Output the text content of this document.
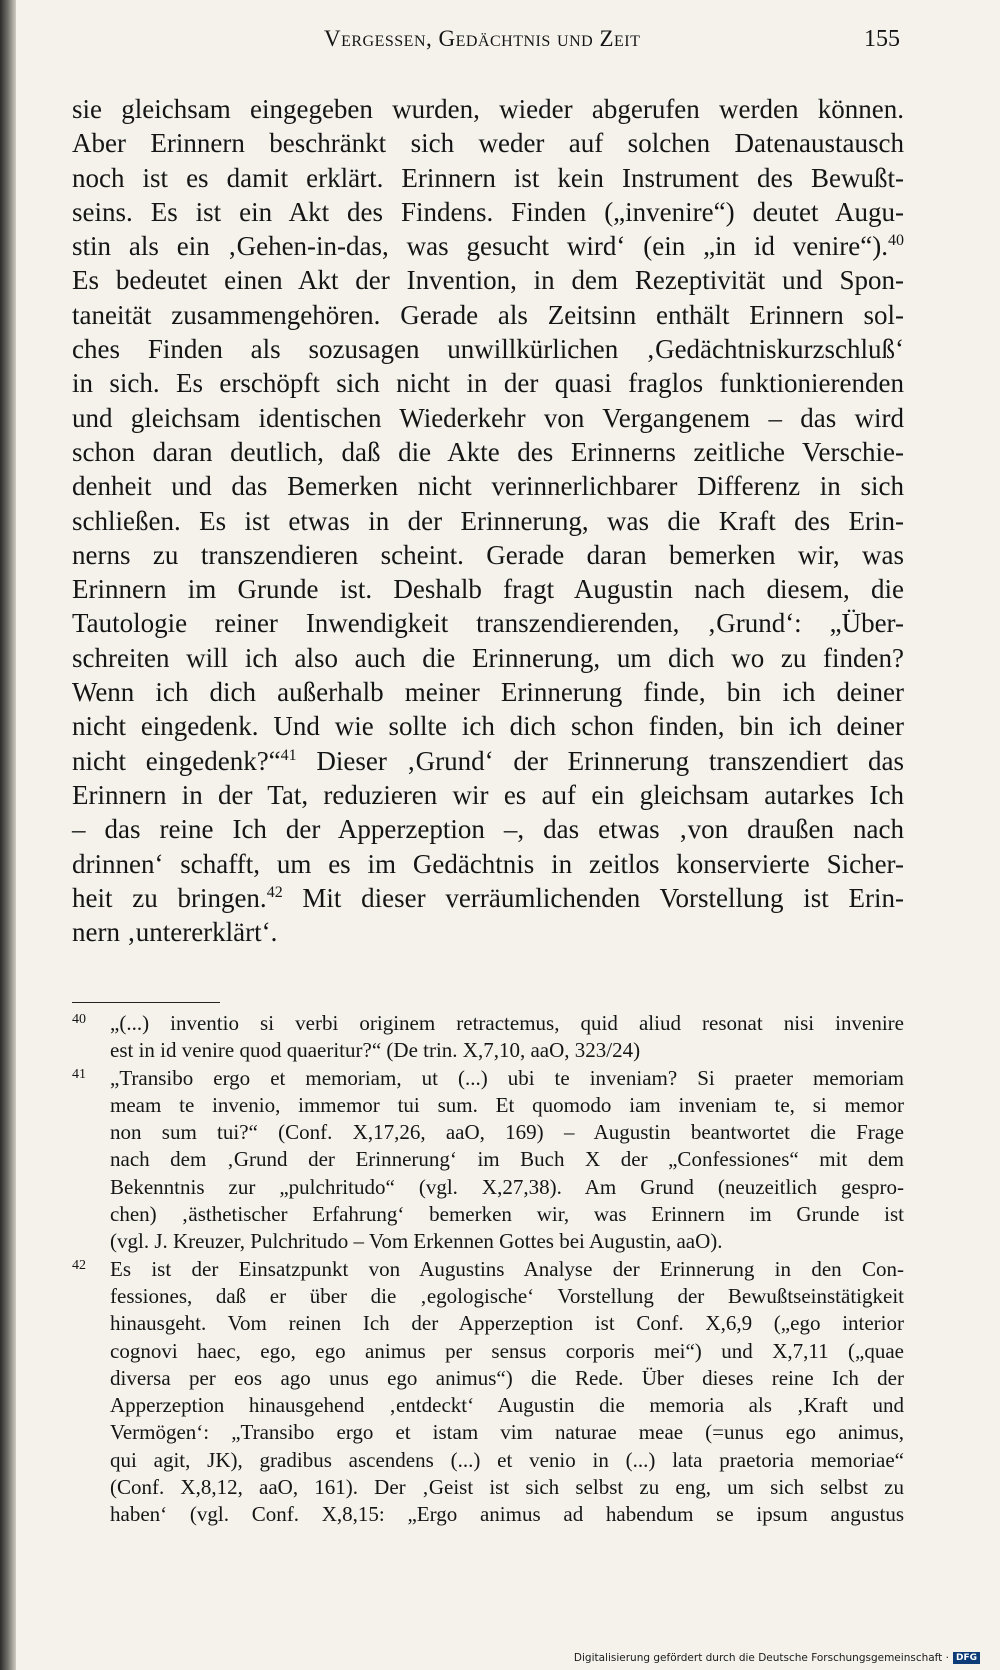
Vergessen, Gedächtnis und Zeit	155
sie gleichsam eingegeben wurden, wieder abgerufen werden können.
Aber Erinnern beschränkt sich weder auf solchen Datenaustausch
noch ist es damit erklärt. Erinnern ist kein Instrument des Bewußt-
seins. Es ist ein Akt des Findens. Finden („invenire“) deutet Augu-
stin als ein ‚Gehen-in-das, was gesucht wird‘ (ein „in id venire“).$^{40}$
Es bedeutet einen Akt der Invention, in dem Rezeptivität und Spon-
taneität zusammengehören. Gerade als Zeitsinn enthält Erinnern sol-
ches Finden als sozusagen unwillkürlichen ‚Gedächtniskurzschluß‘
in sich. Es erschöpft sich nicht in der quasi fraglos funktionierenden
und gleichsam identischen Wiederkehr von Vergangenem – das wird
schon daran deutlich, daß die Akte des Erinnerns zeitliche Verschie-
denheit und das Bemerken nicht verinnerlichbarer Differenz in sich
schließen. Es ist etwas in der Erinnerung, was die Kraft des Erin-
nerns zu transzendieren scheint. Gerade daran bemerken wir, was
Erinnern im Grunde ist. Deshalb fragt Augustin nach diesem, die
Tautologie reiner Inwendigkeit transzendierenden, ‚Grund‘: „Über-
schreiten will ich also auch die Erinnerung, um dich wo zu finden?
Wenn ich dich außerhalb meiner Erinnerung finde, bin ich deiner
nicht eingedenk. Und wie sollte ich dich schon finden, bin ich deiner
nicht eingedenk?“$^{41}$ Dieser ‚Grund‘ der Erinnerung transzendiert das
Erinnern in der Tat, reduzieren wir es auf ein gleichsam autarkes Ich
– das reine Ich der Apperzeption –, das etwas ‚von draußen nach
drinnen‘ schafft, um es im Gedächtnis in zeitlos konservierte Sicher-
heit zu bringen.$^{42}$ Mit dieser verräumlichenden Vorstellung ist Erin-
nern ‚untererklärt‘.
40 „(...) inventio si verbi originem retractemus, quid aliud resonat nisi invenire
est in id venire quod quaeritur?“ (De trin. X,7,10, aaO, 323/24)
41 „Transibo ergo et memoriam, ut (...) ubi te inveniam? Si praeter memoriam
meam te invenio, immemor tui sum. Et quomodo iam inveniam te, si memor
non sum tui?“ (Conf. X,17,26, aaO, 169) – Augustin beantwortet die Frage
nach dem ‚Grund der Erinnerung‘ im Buch X der „Confessiones“ mit dem
Bekenntnis zur „pulchritudo“ (vgl. X,27,38). Am Grund (neuzeitlich gespro-
chen) ‚ästhetischer Erfahrung‘ bemerken wir, was Erinnern im Grunde ist
(vgl. J. Kreuzer, Pulchritudo – Vom Erkennen Gottes bei Augustin, aaO).
42 Es ist der Einsatzpunkt von Augustins Analyse der Erinnerung in den Con-
fessiones, daß er über die ‚egologische‘ Vorstellung der Bewußtseinstätigkeit
hinausgeht. Vom reinen Ich der Apperzeption ist Conf. X,6,9 („ego interior
cognovi haec, ego, ego animus per sensus corporis mei“) und X,7,11 („quae
diversa per eos ago unus ego animus“) die Rede. Über dieses reine Ich der
Apperzeption hinausgehend ‚entdeckt‘ Augustin die memoria als ‚Kraft und
Vermögen‘: „Transibo ergo et istam vim naturae meae (=unus ego animus,
qui agit, JK), gradibus ascendens (...) et venio in (...) lata praetoria memoriae“
(Conf. X,8,12, aaO, 161). Der ‚Geist ist sich selbst zu eng, um sich selbst zu
haben‘ (vgl. Conf. X,8,15: „Ergo animus ad habendum se ipsum angustus
Digitalisierung gefördert durch die Deutsche Forschungsgemeinschaft · DFG
